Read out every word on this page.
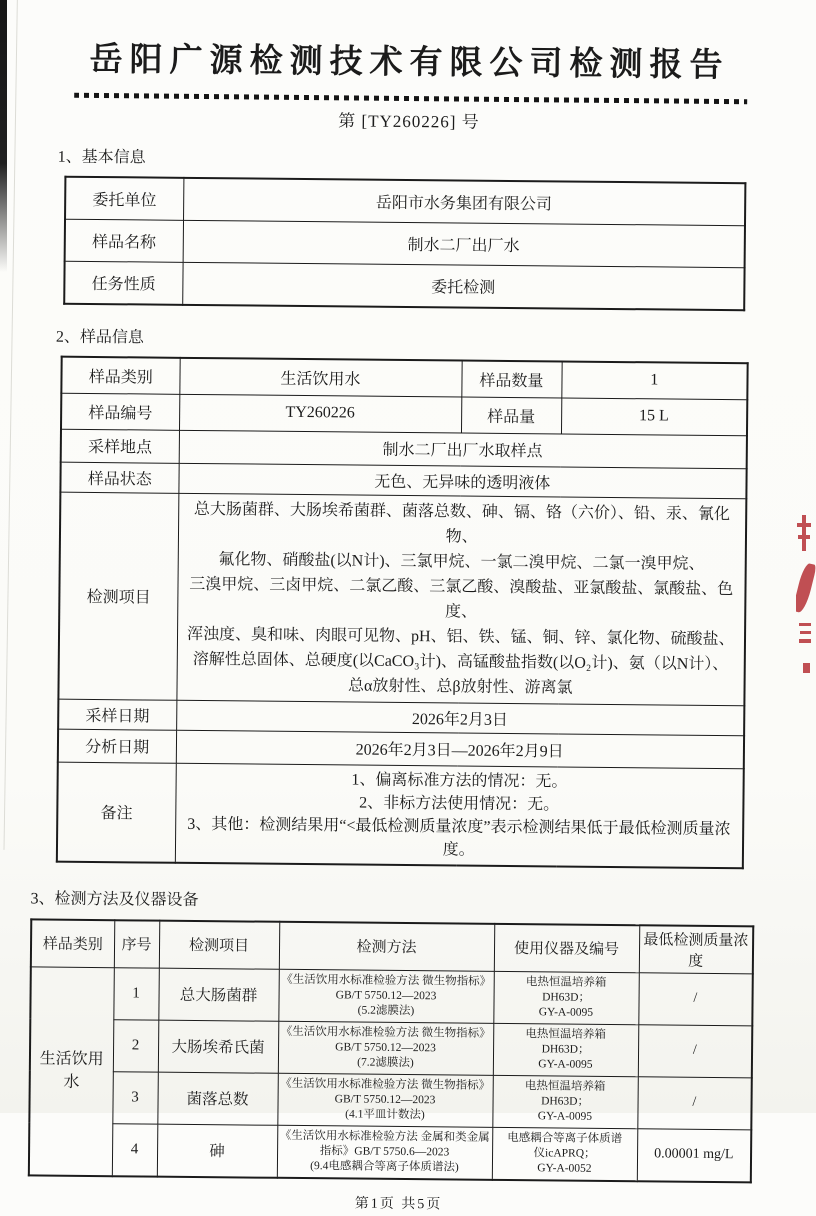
岳阳广源检测技术有限公司检测报告
第 [TY260226] 号
1、基本信息
委托单位	岳阳市水务集团有限公司
样品名称	制水二厂出厂水
任务性质	委托检测
2、样品信息
样品类别	生活饮用水	样品数量	1
样品编号	TY260226	样品量	15 L
采样地点	制水二厂出厂水取样点		
样品状态	无色、无异味的透明液体		
检测项目	总大肠菌群、大肠埃希菌群、菌落总数、砷、镉、铬（六价）、铅、汞、氰化物、
氟化物、硝酸盐(以N计)、三氯甲烷、一氯二溴甲烷、二氯一溴甲烷、
三溴甲烷、三卤甲烷、二氯乙酸、三氯乙酸、溴酸盐、亚氯酸盐、氯酸盐、色度、
浑浊度、臭和味、肉眼可见物、pH、铝、铁、锰、铜、锌、氯化物、硫酸盐、
溶解性总固体、总硬度(以CaCO₃计)、高锰酸盐指数(以O₂计)、氨（以N计）、
总α放射性、总β放射性、游离氯
采样日期	2026年2月3日		
分析日期	2026年2月3日—2026年2月9日		
备注	1、偏离标准方法的情况：无。
2、非标方法使用情况：无。
3、其他：检测结果用“<最低检测质量浓度”表示检测结果低于最低检测质量浓度。		
3、检测方法及仪器设备
样品类别	序号	检测项目	检测方法	使用仪器及编号	最低检测质量浓度
生活饮用水	1	总大肠菌群	《生活饮用水标准检验方法 微生物指标》
GB/T 5750.12—2023
(5.2滤膜法)	电热恒温培养箱
DH63D；
GY-A-0095	/
	2	大肠埃希氏菌	《生活饮用水标准检验方法 微生物指标》
GB/T 5750.12—2023
(7.2滤膜法)	电热恒温培养箱
DH63D；
GY-A-0095	/
	3	菌落总数	《生活饮用水标准检验方法 微生物指标》
GB/T 5750.12—2023
(4.1平皿计数法)	电热恒温培养箱
DH63D；
GY-A-0095	/
	4	砷	《生活饮用水标准检验方法 金属和类金属
指标》GB/T 5750.6—2023
(9.4电感耦合等离子体质谱法)	电感耦合等离子体质谱
仪icAPRQ；
GY-A-0052	0.00001 mg/L
第1页 共5页
